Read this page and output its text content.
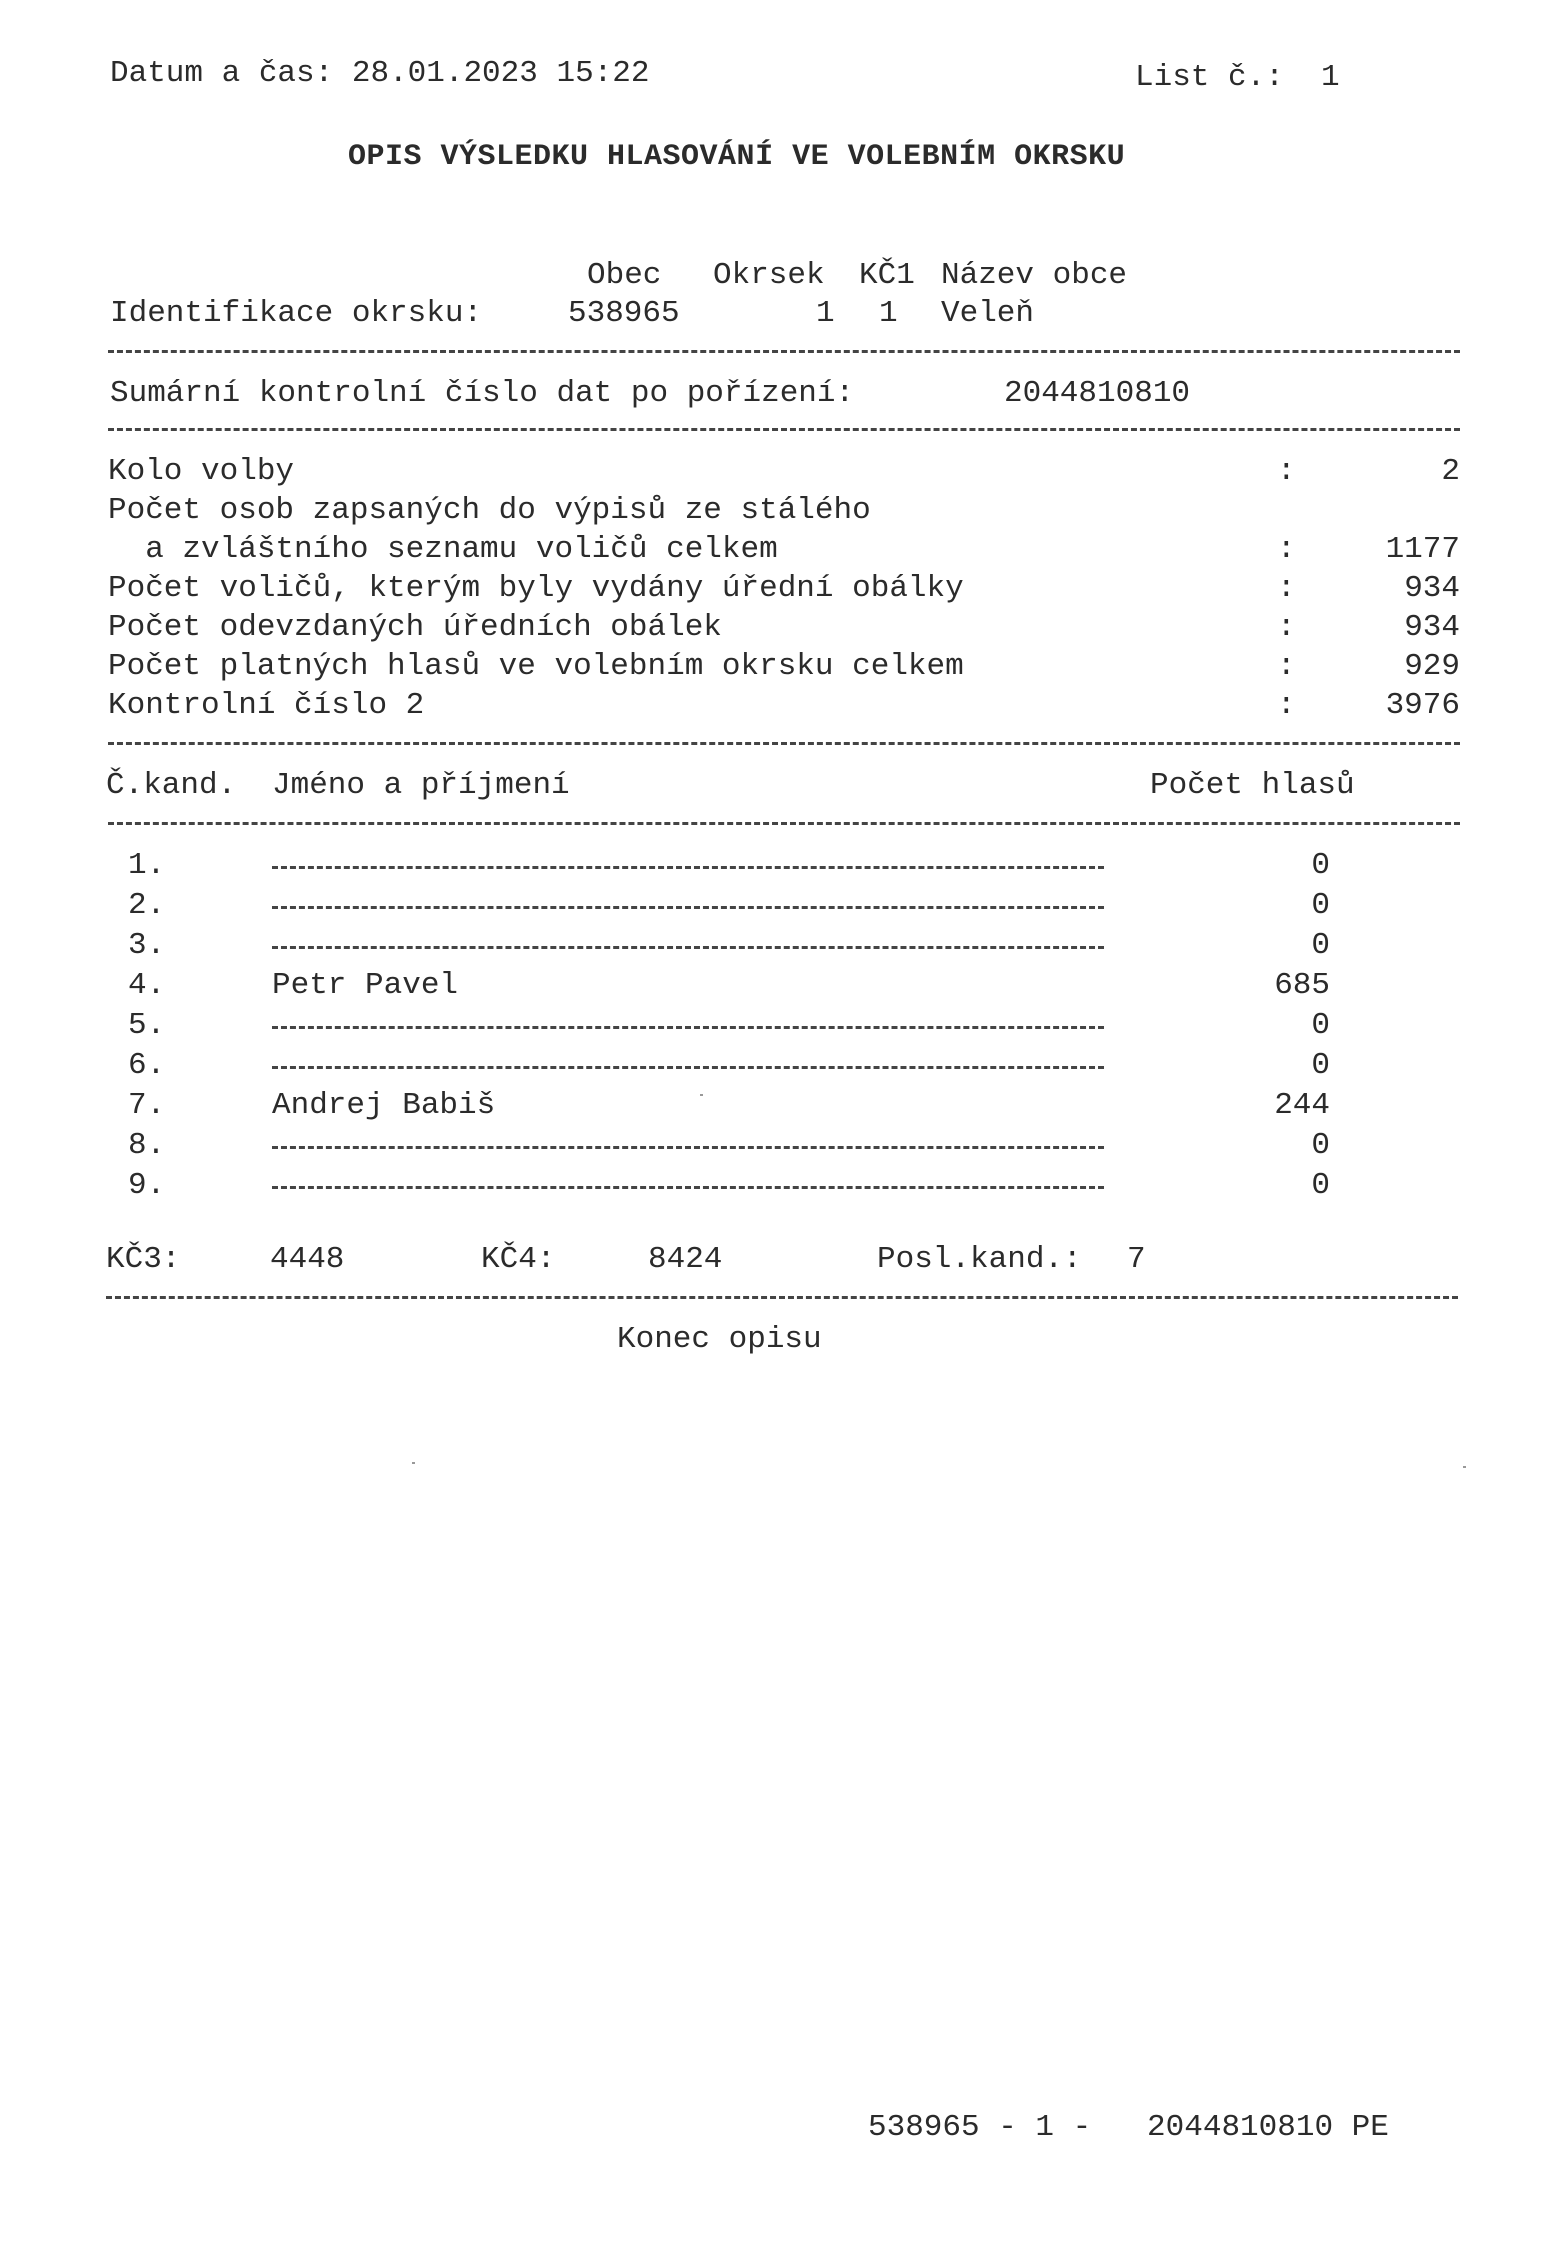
Datum a čas: 28.01.2023 15:22	List č.:  1
OPIS VÝSLEDKU HLASOVÁNÍ VE VOLEBNÍM OKRSKU
Obec Okrsek KČ1 Název obce
Identifikace okrsku:	538965	1 1 Veleň
Sumární kontrolní číslo dat po pořízení:	2044810810
Kolo volby	:	2
Počet osob zapsaných do výpisů ze stálého
a zvláštního seznamu voličů celkem	:	1177
Počet voličů, kterým byly vydány úřední obálky	:	934
Počet odevzdaných úředních obálek	:	934
Počet platných hlasů ve volebním okrsku celkem	:	929
Kontrolní číslo 2	:	3976
Č.kand. Jméno a příjmení	Počet hlasů
1.	0
2.	0
3.	0
4.	Petr Pavel	685
5.	0
6.	0
7.	Andrej Babiš	244
8.	0
9.	0
KČ3:	4448	KČ4:	8424	Posl.kand.: 7
Konec opisu
538965 - 1 -   2044810810 PE
